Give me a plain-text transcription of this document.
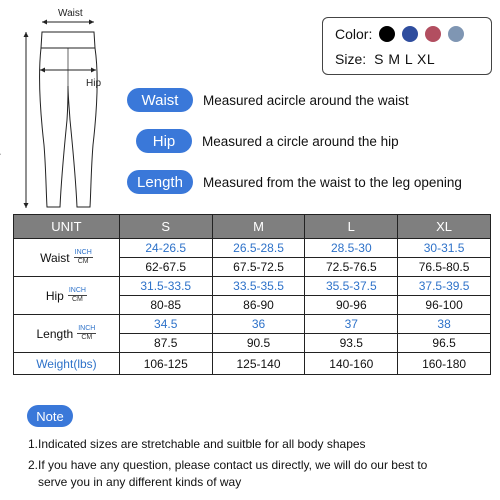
Waist
Hip
Color:
Size: S M L XL
Waist	Measured acircle around the waist
Hip	Measured a circle around the hip
Length	Measured from the waist to the leg opening
UNIT	S	M	L	XL

Waist $\frac{\text{INCH}}{CM}$	24-26.5	26.5-28.5	28.5-30	30-31.5
	62-67.5	67.5-72.5	72.5-76.5	76.5-80.5

Hip $\frac{\text{INCH}}{CM}$	31.5-33.5	33.5-35.5	35.5-37.5	37.5-39.5
	80-85	86-90	90-96	96-100

Length $\frac{\text{INCH}}{CM}$	34.5	36	37	38
	87.5	90.5	93.5	96.5
Weight(lbs)	106-125	125-140	140-160	160-180
Note
1.Indicated sizes are stretchable and suitble for all body shapes
2.If you have any question, please contact us directly, we will do our best to
serve you in any different kinds of way
